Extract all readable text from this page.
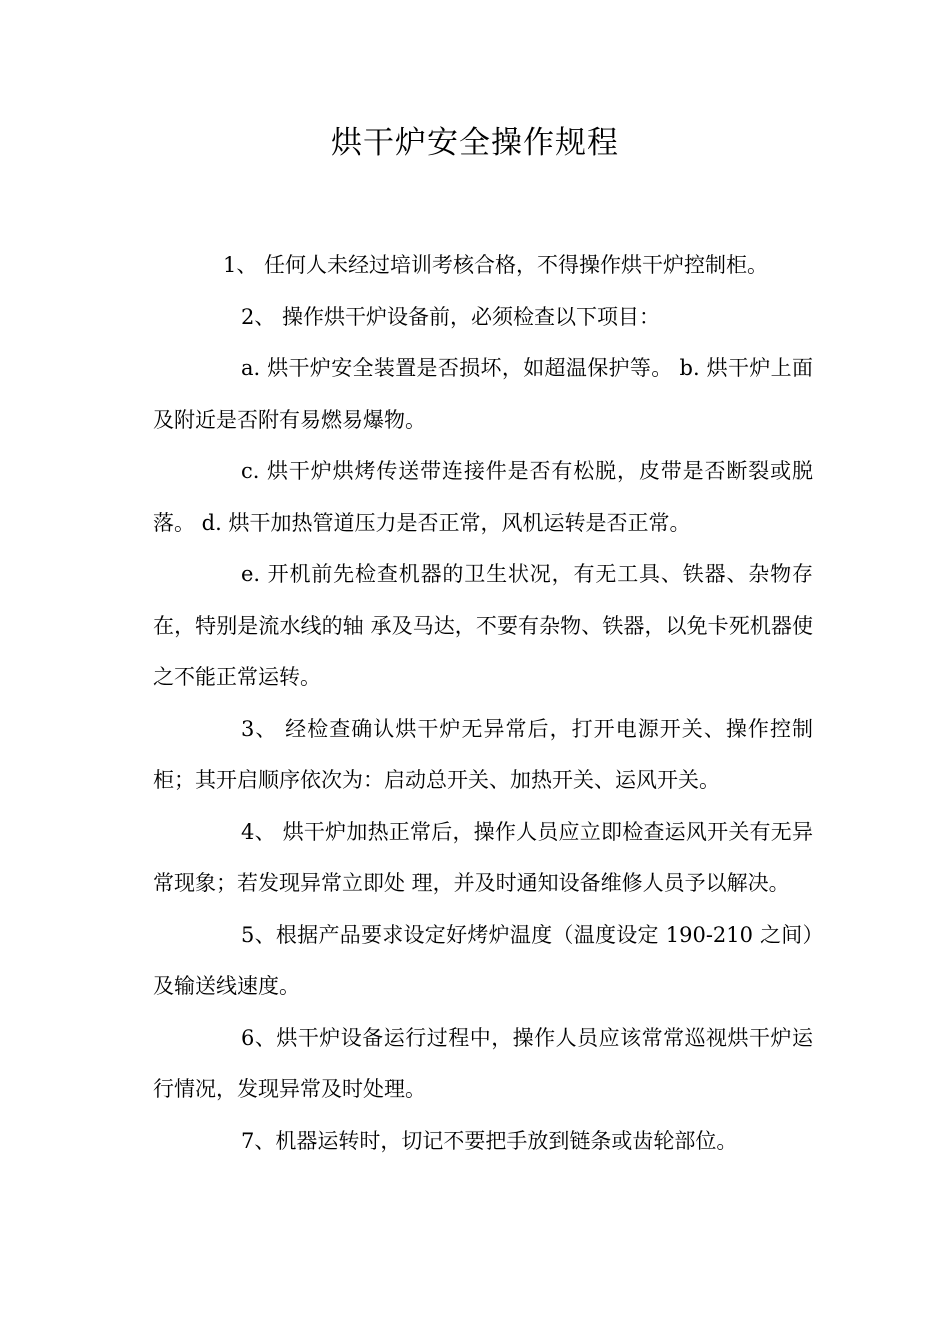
烘干炉安全操作规程

1、 任何人未经过培训考核合格，不得操作烘干炉控制柜。

2、 操作烘干炉设备前，必须检查以下项目：

a. 烘干炉安全装置是否损坏，如超温保护等。 b. 烘干炉上面及附近是否附有易燃易爆物。

c. 烘干炉烘烤传送带连接件是否有松脱，皮带是否断裂或脱落。 d. 烘干加热管道压力是否正常，风机运转是否正常。

e. 开机前先检查机器的卫生状况，有无工具、铁器、杂物存在，特别是流水线的轴 承及马达，不要有杂物、铁器，以免卡死机器使之不能正常运转。

3、 经检查确认烘干炉无异常后，打开电源开关、操作控制柜；其开启顺序依次为：启动总开关、加热开关、运风开关。

4、 烘干炉加热正常后，操作人员应立即检查运风开关有无异常现象；若发现异常立即处 理，并及时通知设备维修人员予以解决。

5、根据产品要求设定好烤炉温度（温度设定 190-210 之间）及输送线速度。

6、烘干炉设备运行过程中，操作人员应该常常巡视烘干炉运行情况，发现异常及时处理。

7、机器运转时，切记不要把手放到链条或齿轮部位。
